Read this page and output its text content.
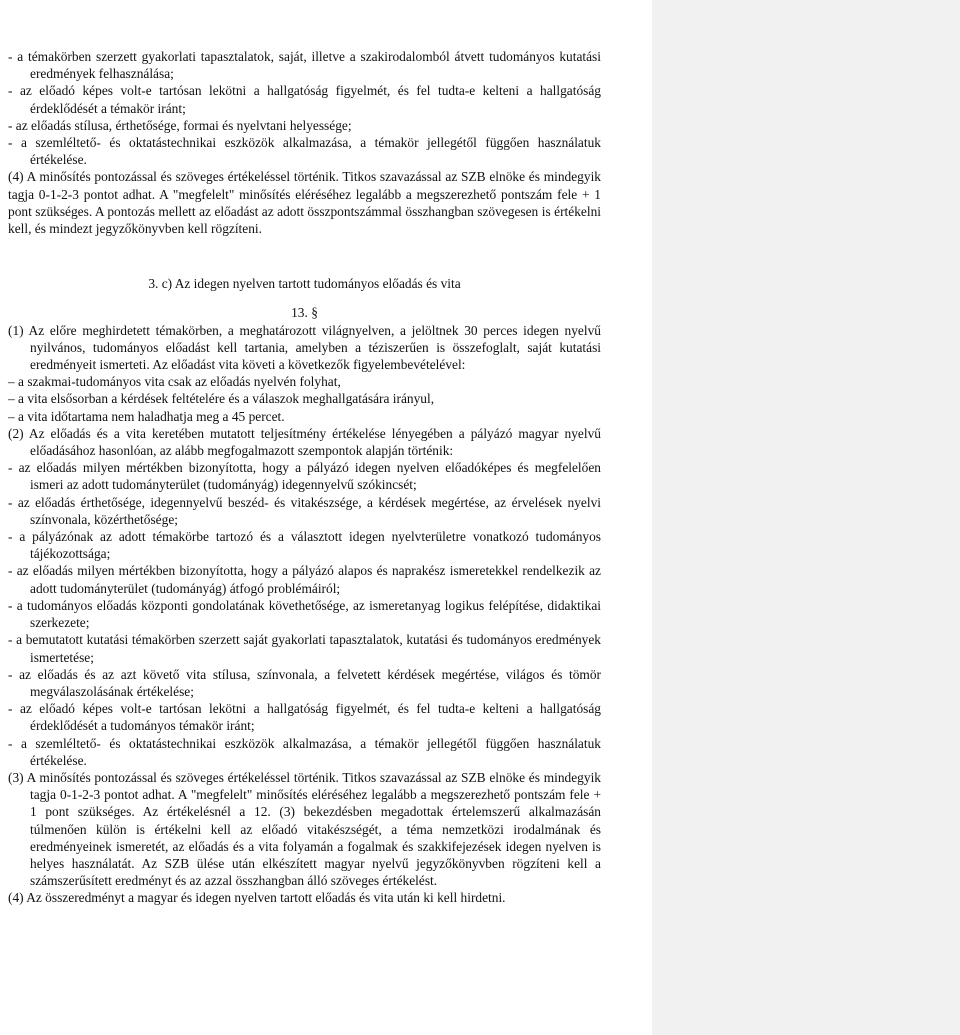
- a témakörben szerzett gyakorlati tapasztalatok, saját, illetve a szakirodalomból átvett tudományos kutatási eredmények felhasználása;

- az előadó képes volt-e tartósan lekötni a hallgatóság figyelmét, és fel tudta-e kelteni a hallgatóság érdeklődését a témakör iránt;

- az előadás stílusa, érthetősége, formai és nyelvtani helyessége;

- a szemléltető- és oktatástechnikai eszközök alkalmazása, a témakör jellegétől függően használatuk értékelése.

(4) A minősítés pontozással és szöveges értékeléssel történik. Titkos szavazással az SZB elnöke és mindegyik tagja 0-1-2-3 pontot adhat. A "megfelelt" minősítés eléréséhez legalább a megszerezhető pontszám fele + 1 pont szükséges. A pontozás mellett az előadást az adott összpontszámmal összhangban szövegesen is értékelni kell, és mindezt jegyzőkönyvben kell rögzíteni.

3. c) Az idegen nyelven tartott tudományos előadás és vita

13. §

(1) Az előre meghirdetett témakörben, a meghatározott világnyelven, a jelöltnek 30 perces idegen nyelvű nyilvános, tudományos előadást kell tartania, amelyben a téziszerűen is összefoglalt, saját kutatási eredményeit ismerteti. Az előadást vita követi a következők figyelembevételével:

– a szakmai-tudományos vita csak az előadás nyelvén folyhat,

– a vita elsősorban a kérdések feltételére és a válaszok meghallgatására irányul,

– a vita időtartama nem haladhatja meg a 45 percet.

(2) Az előadás és a vita keretében mutatott teljesítmény értékelése lényegében a pályázó magyar nyelvű előadásához hasonlóan, az alább megfogalmazott szempontok alapján történik:

- az előadás milyen mértékben bizonyította, hogy a pályázó idegen nyelven előadóképes és megfelelően ismeri az adott tudományterület (tudományág) idegennyelvű szókincsét;

- az előadás érthetősége, idegennyelvű beszéd- és vitakészsége, a kérdések megértése, az érvelések nyelvi színvonala, közérthetősége;

- a pályázónak az adott témakörbe tartozó és a választott idegen nyelvterületre vonatkozó tudományos tájékozottsága;

- az előadás milyen mértékben bizonyította, hogy a pályázó alapos és naprakész ismeretekkel rendelkezik az adott tudományterület (tudományág) átfogó problémáiról;

- a tudományos előadás központi gondolatának követhetősége, az ismeretanyag logikus felépítése, didaktikai szerkezete;

- a bemutatott kutatási témakörben szerzett saját gyakorlati tapasztalatok, kutatási és tudományos eredmények ismertetése;

- az előadás és az azt követő vita stílusa, színvonala, a felvetett kérdések megértése, világos és tömör megválaszolásának értékelése;

- az előadó képes volt-e tartósan lekötni a hallgatóság figyelmét, és fel tudta-e kelteni a hallgatóság érdeklődését a tudományos témakör iránt;

- a szemléltető- és oktatástechnikai eszközök alkalmazása, a témakör jellegétől függően használatuk értékelése.

(3) A minősítés pontozással és szöveges értékeléssel történik. Titkos szavazással az SZB elnöke és mindegyik tagja 0-1-2-3 pontot adhat. A "megfelelt" minősítés eléréséhez legalább a megszerezhető pontszám fele + 1 pont szükséges. Az értékelésnél a 12. (3) bekezdésben megadottak értelemszerű alkalmazásán túlmenően külön is értékelni kell az előadó vitakészségét, a téma nemzetközi irodalmának és eredményeinek ismeretét, az előadás és a vita folyamán a fogalmak és szakkifejezések idegen nyelven is helyes használatát. Az SZB ülése után elkészített magyar nyelvű jegyzőkönyvben rögzíteni kell a számszerűsített eredményt és az azzal összhangban álló szöveges értékelést.

(4) Az összeredményt a magyar és idegen nyelven tartott előadás és vita után ki kell hirdetni.
